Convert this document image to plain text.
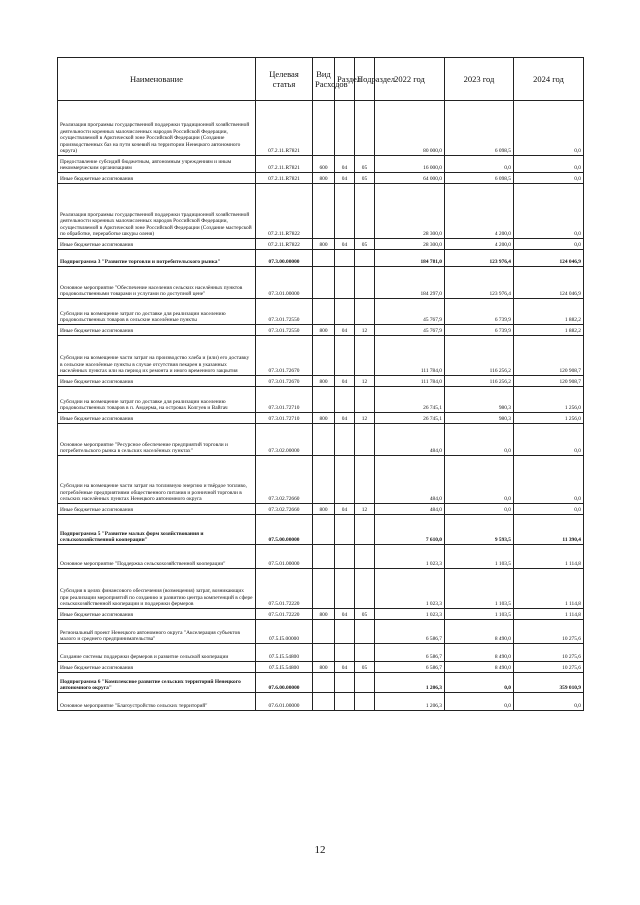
Наименование	Целевая статья	Вид Расходов	Раздел	Подраздел	2022 год	2023 год	2024 год
Реализация программы государственной поддержки традиционной хозяйственной деятельности коренных малочисленных народов Российской Федерации, осуществляемой в Арктической зоне Российской Федерации (Создание производственных баз на пути кочевий на территории Ненецкого автономного округа)	07.2.11.R7821				80 000,0	6 098,5	0,0
Предоставление субсидий бюджетным, автономным учреждениям и иным некоммерческим организациям	07.2.11.R7821	600	04	05	16 000,0	0,0	0,0
Иные бюджетные ассигнования	07.2.11.R7821	800	04	05	64 000,0	6 098,5	0,0
Реализация программы государственной поддержки традиционной хозяйственной деятельности коренных малочисленных народов Российской Федерации, осуществляемой в Арктической зоне Российской Федерации (Создание мастерской по обработке, переработке шкуры оленя)	07.2.11.R7822				28 300,0	4 200,0	0,0
Иные бюджетные ассигнования	07.2.11.R7822	800	04	05	28 300,0	4 200,0	0,0
Подпрограмма 3 "Развитие торговли и потребительского рынка"	07.3.00.00000				184 781,0	123 976,4	124 046,9
Основное мероприятие "Обеспечение населения сельских населённых пунктов продовольственными товарами и услугами по доступной цене"	07.3.01.00000				184 297,0	123 976,4	124 046,9
Субсидии на возмещение затрат по доставке для реализации населению продовольственных товаров в сельские населённые пункты	07.3.01.72550				45 767,9	6 739,9	1 882,2
Иные бюджетные ассигнования	07.3.01.72550	800	04	12	45 767,9	6 739,9	1 882,2
Субсидии на возмещение части затрат на производство хлеба и (или) его доставку в сельские населённые пункты в случае отсутствия пекарен в указанных населённых пунктах или на период их ремонта и иного временного закрытия	07.3.01.72670				111 784,0	116 256,2	120 908,7
Иные бюджетные ассигнования	07.3.01.72670	800	04	12	111 784,0	116 256,2	120 908,7
Субсидии на возмещение затрат по доставке для реализации населению продовольственных товаров в п. Амдерма, на островах Колгуев и Вайгач	07.3.01.72710				26 745,1	980,3	1 256,0
Иные бюджетные ассигнования	07.3.01.72710	800	04	12	26 745,1	980,3	1 256,0
Основное мероприятие "Ресурсное обеспечение предприятий торговли и потребительского рынка в сельских населённых пунктах"	07.3.02.00000				484,0	0,0	0,0
Субсидии на возмещение части затрат на топливную энергию и твёрдое топливо, потреблённые предприятиями общественного питания и розничной торговли в сельских населённых пунктах Ненецкого автономного округа	07.3.02.72660				484,0	0,0	0,0
Иные бюджетные ассигнования	07.3.02.72660	800	04	12	484,0	0,0	0,0
Подпрограмма 5 "Развитие малых форм хозяйствования и сельскохозяйственной кооперации"	07.5.00.00000				7 610,0	9 593,5	11 390,4
Основное мероприятие "Поддержка сельскохозяйственной кооперации"	07.5.01.00000				1 023,3	1 103,5	1 114,8
Субсидия в целях финансового обеспечения (возмещения) затрат, возникающих при реализации мероприятий по созданию и развитию центра компетенций в сфере сельскохозяйственной кооперации и поддержки фермеров	07.5.01.72220				1 023,3	1 103,5	1 114,8
Иные бюджетные ассигнования	07.5.01.72220	800	04	05	1 023,3	1 103,5	1 114,8
Региональный проект Ненецкого автономного округа "Акселерация субъектов малого и среднего предпринимательства"	07.5.I5.00000				6 586,7	8 490,0	10 275,6
Создание системы поддержки фермеров и развитие сельской кооперации	07.5.I5.54800				6 586,7	8 490,0	10 275,6
Иные бюджетные ассигнования	07.5.I5.54800	800	04	05	6 586,7	8 490,0	10 275,6
Подпрограмма 6 "Комплексное развитие сельских территорий Ненецкого автономного округа"	07.6.00.00000				1 206,3	0,0	359 010,9
Основное мероприятие "Благоустройство сельских территорий"	07.6.01.00000				1 206,3	0,0	0,0
12
